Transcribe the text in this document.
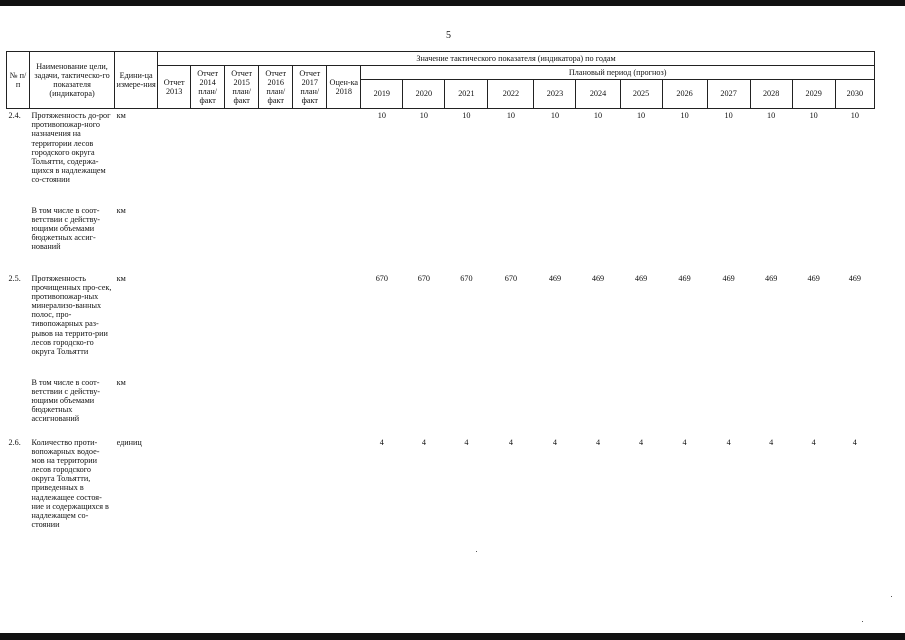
5
№ п/п	Наименование цели, задачи, тактическо-го показателя (индикатора)	Едини-ца измере-ния	Значение тактического показателя (индикатора) по годам																	
			Отчет 2013	Отчет 2014 план/ факт	Отчет 2015 план/ факт	Отчет 2016 план/ факт	Отчет 2017 план/ факт	Оцен-ка 2018	Плановый период (прогноз)											
									2019	2020	2021	2022	2023	2024	2025	2026	2027	2028	2029	2030
2.4.	Протяженность до-рог противопожар-ного назначения на территории лесов городского округа Тольятти, содержа-щихся в надлежащем со-стоянии	км							10	10	10	10	10	10	10	10	10	10	10	10
	В том числе в соот-ветствии с действу-ющими объемами бюджетных ассиг-нований	км																		
2.5.	Протяженность прочищенных про-сек, противопожар-ных минерализо-ванных полос, про-тивопожарных раз-рывов на террито-рии лесов городско-го округа Тольятти	км							670	670	670	670	469	469	469	469	469	469	469	469
	В том числе в соот-ветствии с действу-ющими объемами бюджетных ассигнований	км																		
2.6.	Количество проти-вопожарных водое-мов на территории лесов городского округа Тольятти, приведенных в надлежащее состоя-ние и содержащихся в надлежащем со-стоянии	единиц							4	4	4	4	4	4	4	4	4	4	4	4
